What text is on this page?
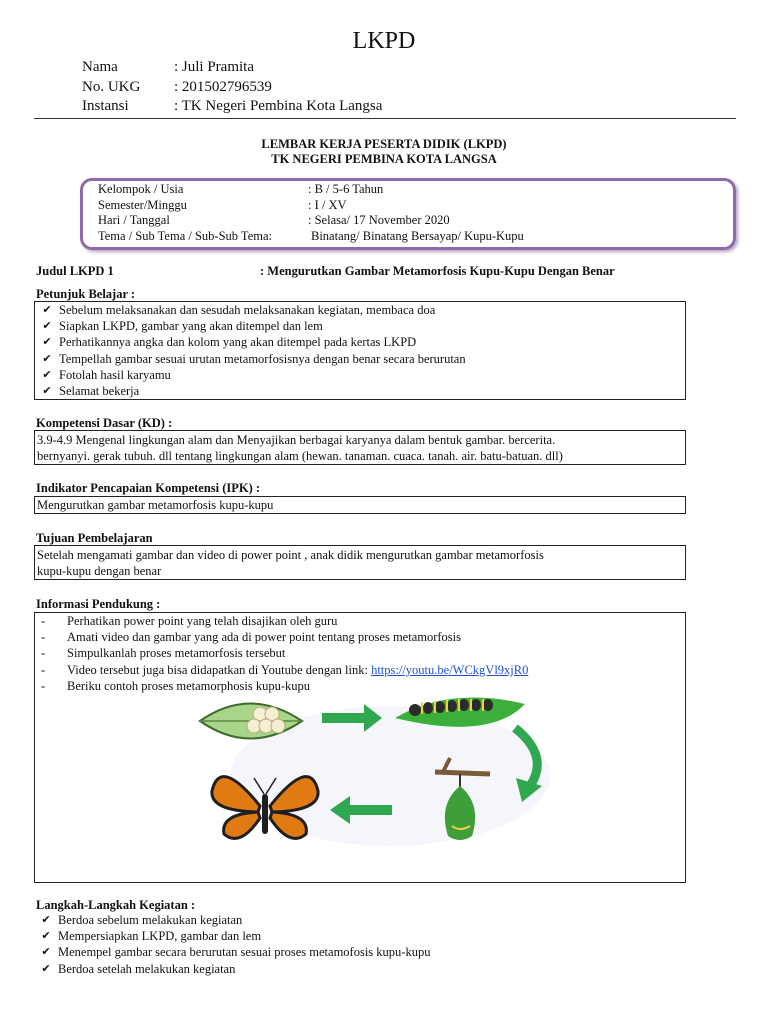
LKPD
Nama	: Juli Pramita
No. UKG	: 201502796539
Instansi	: TK Negeri Pembina Kota Langsa
LEMBAR KERJA PESERTA DIDIK (LKPD)
TK NEGERI PEMBINA KOTA LANGSA
Kelompok / Usia	: B / 5-6 Tahun
Semester/Minggu	: I / XV
Hari / Tanggal	: Selasa/ 17 November 2020
Tema / Sub Tema / Sub-Sub Tema:	Binatang/ Binatang Bersayap/ Kupu-Kupu
Judul LKPD 1	: Mengurutkan Gambar Metamorfosis Kupu-Kupu Dengan Benar
Petunjuk Belajar :
✔ Sebelum melaksanakan dan sesudah melaksanakan kegiatan, membaca doa
✔ Siapkan LKPD, gambar yang akan ditempel dan lem
✔ Perhatikannya angka dan kolom yang akan ditempel pada kertas LKPD
✔ Tempellah gambar sesuai urutan metamorfosisnya dengan benar secara berurutan
✔ Fotolah hasil karyamu
✔ Selamat bekerja
Kompetensi Dasar (KD) :
3.9-4.9 Mengenal lingkungan alam dan Menyajikan berbagai karyanya dalam bentuk gambar. bercerita.
bernyanyi. gerak tubuh. dll tentang lingkungan alam (hewan. tanaman. cuaca. tanah. air. batu-batuan. dll)
Indikator Pencapaian Kompetensi (IPK) :
Mengurutkan gambar metamorfosis kupu-kupu
Tujuan Pembelajaran
Setelah mengamati gambar dan video di power point , anak didik mengurutkan gambar metamorfosis
kupu-kupu dengan benar
Informasi Pendukung :
-	Perhatikan power point yang telah disajikan oleh guru
-	Amati video dan gambar yang ada di power point tentang proses metamorfosis
-	Simpulkanlah proses metamorfosis tersebut
-	Video tersebut juga bisa didapatkan di Youtube dengan link: https://youtu.be/WCkgVl9xjR0
-	Beriku contoh proses metamorphosis kupu-kupu
Langkah-Langkah Kegiatan :
✔ Berdoa sebelum melakukan kegiatan
✔ Mempersiapkan LKPD, gambar dan lem
✔ Menempel gambar secara berurutan sesuai proses metamofosis kupu-kupu
✔ Berdoa setelah melakukan kegiatan
